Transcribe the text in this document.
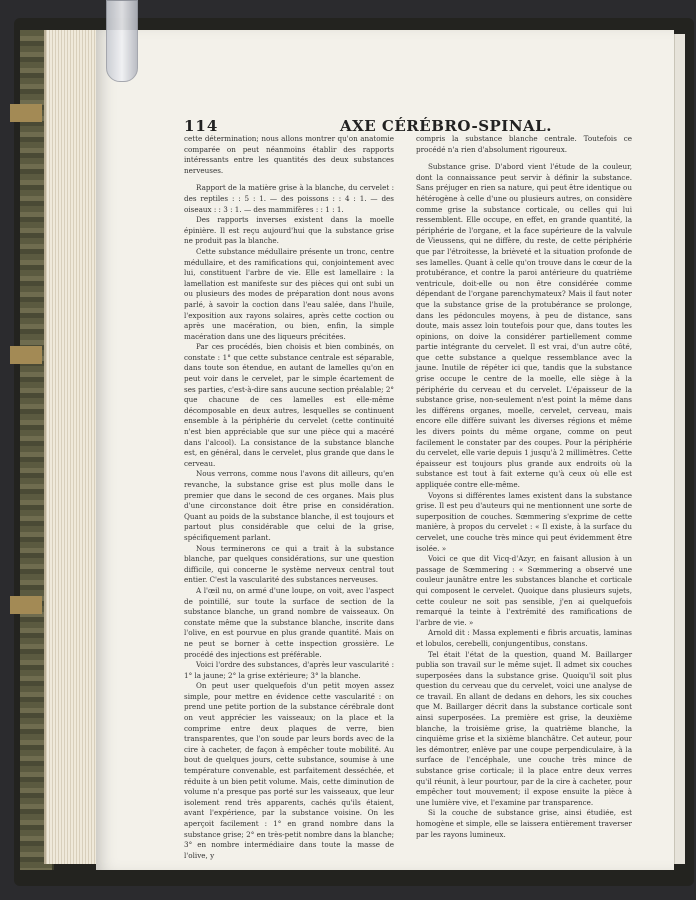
114	AXE CÉRÉBRO-SPINAL.

cette détermination; nous allons montrer qu'on anatomie comparée on peut néanmoins établir des rapports intéressants entre les quantités des deux substances nerveuses.

Rapport de la matière grise à la blanche, du cervelet : des reptiles : : 5 : 1. — des poissons : : 4 : 1. — des oiseaux : : 3 : 1. — des mammifères : : 1 : 1.

Des rapports inverses existent dans la moelle épinière. Il est reçu aujourd'hui que la substance grise ne produit pas la blanche.

Cette substance médullaire présente un tronc, centre médullaire, et des ramifications qui, conjointement avec lui, constituent l'arbre de vie. Elle est lamellaire : la lamellation est manifeste sur des pièces qui ont subi un ou plusieurs des modes de préparation dont nous avons parlé, à savoir la coction dans l'eau salée, dans l'huile, l'exposition aux rayons solaires, après cette coction ou après une macération, ou bien, enfin, la simple macération dans une des liqueurs précitées.

Par ces procédés, bien choisis et bien combinés, on constate : 1° que cette substance centrale est séparable, dans toute son étendue, en autant de lamelles qu'on en peut voir dans le cervelet, par le simple écartement de ses parties, c'est-à-dire sans aucune section préalable; 2° que chacune de ces lamelles est elle-même décomposable en deux autres, lesquelles se continuent ensemble à la périphérie du cervelet (cette continuité n'est bien appréciable que sur une pièce qui a macéré dans l'alcool). La consistance de la substance blanche est, en général, dans le cervelet, plus grande que dans le cerveau.

Nous verrons, comme nous l'avons dit ailleurs, qu'en revanche, la substance grise est plus molle dans le premier que dans le second de ces organes. Mais plus d'une circonstance doit être prise en considération. Quant au poids de la substance blanche, il est toujours et partout plus considérable que celui de la grise, spécifiquement parlant.

Nous terminerons ce qui a trait à la substance blanche, par quelques considérations, sur une question difficile, qui concerne le système nerveux central tout entier. C'est la vascularité des substances nerveuses.

A l'œil nu, on armé d'une loupe, on voit, avec l'aspect de pointillé, sur toute la surface de section de la substance blanche, un grand nombre de vaisseaux. On constate même que la substance blanche, inscrite dans l'olive, en est pourvue en plus grande quantité. Mais on ne peut se borner à cette inspection grossière. Le procédé des injections est préférable.

Voici l'ordre des substances, d'après leur vascularité : 1° la jaune; 2° la grise extérieure; 3° la blanche.

On peut user quelquefois d'un petit moyen assez simple, pour mettre en évidence cette vascularité : on prend une petite portion de la substance cérébrale dont on veut apprécier les vaisseaux; on la place et la comprime entre deux plaques de verre, bien transparentes, que l'on soude par leurs bords avec de la cire à cacheter, de façon à empêcher toute mobilité. Au bout de quelques jours, cette substance, soumise à une température convenable, est parfaitement desséchée, et réduite à un bien petit volume. Mais, cette diminution de volume n'a presque pas porté sur les vaisseaux, que leur isolement rend très apparents, cachés qu'ils étaient, avant l'expérience, par la substance voisine. On les aperçoit facilement : 1° en grand nombre dans la substance grise; 2° en très-petit nombre dans la blanche; 3° en nombre intermédiaire dans toute la masse de l'olive, y

compris la substance blanche centrale. Toutefois ce procédé n'a rien d'absolument rigoureux.

Substance grise. D'abord vient l'étude de la couleur, dont la connaissance peut servir à définir la substance. Sans préjuger en rien sa nature, qui peut être identique ou hétérogène à celle d'une ou plusieurs autres, on considère comme grise la substance corticale, ou celles qui lui ressemblent. Elle occupe, en effet, en grande quantité, la périphérie de l'organe, et la face supérieure de la valvule de Vieussens, qui ne diffère, du reste, de cette périphérie que par l'étroitesse, la brièveté et la situation profonde de ses lamelles. Quant à celle qu'on trouve dans le cœur de la protubérance, et contre la paroi antérieure du quatrième ventricule, doit-elle ou non être considérée comme dépendant de l'organe parenchymateux? Mais il faut noter que la substance grise de la protubérance se prolonge, dans les pédoncules moyens, à peu de distance, sans doute, mais assez loin toutefois pour que, dans toutes les opinions, on doive la considérer partiellement comme partie intégrante du cervelet. Il est vrai, d'un autre côté, que cette substance a quelque ressemblance avec la jaune. Inutile de répéter ici que, tandis que la substance grise occupe le centre de la moelle, elle siège à la périphérie du cerveau et du cervelet. L'épaisseur de la substance grise, non-seulement n'est point la même dans les différens organes, moelle, cervelet, cerveau, mais encore elle diffère suivant les diverses régions et même les divers points du même organe, comme on peut facilement le constater par des coupes. Pour la périphérie du cervelet, elle varie depuis 1 jusqu'à 2 millimètres. Cette épaisseur est toujours plus grande aux endroits où la substance est tout à fait externe qu'à ceux où elle est appliquée contre elle-même.

Voyons si différentes lames existent dans la substance grise. Il est peu d'auteurs qui ne mentionnent une sorte de superposition de couches. Sœmmering s'exprime de cette manière, à propos du cervelet : « Il existe, à la surface du cervelet, une couche très mince qui peut évidemment être isolée. »

Voici ce que dit Vicq-d'Azyr, en faisant allusion à un passage de Sœmmering : « Sœmmering a observé une couleur jaunâtre entre les substances blanche et corticale qui composent le cervelet. Quoique dans plusieurs sujets, cette couleur ne soit pas sensible, j'en ai quelquefois remarqué la teinte à l'extrémité des ramifications de l'arbre de vie. »

Arnold dit : Massa explementi e fibris arcuatis, laminas et lobulos, cerebelli, conjungentibus, constans.

Tel était l'état de la question, quand M. Baillarger publia son travail sur le même sujet. Il admet six couches superposées dans la substance grise. Quoiqu'il soit plus question du cerveau que du cervelet, voici une analyse de ce travail. En allant de dedans en dehors, les six couches que M. Baillarger décrit dans la substance corticale sont ainsi superposées. La première est grise, la deuxième blanche, la troisième grise, la quatrième blanche, la cinquième grise et la sixième blanchâtre. Cet auteur, pour les démontrer, enlève par une coupe perpendiculaire, à la surface de l'encéphale, une couche très mince de substance grise corticale; il la place entre deux verres qu'il réunit, à leur pourtour, par de la cire à cacheter, pour empêcher tout mouvement; il expose ensuite la pièce à une lumière vive, et l'examine par transparence.

Si la couche de substance grise, ainsi étudiée, est homogène et simple, elle se laissera entièrement traverser par les rayons lumineux.
